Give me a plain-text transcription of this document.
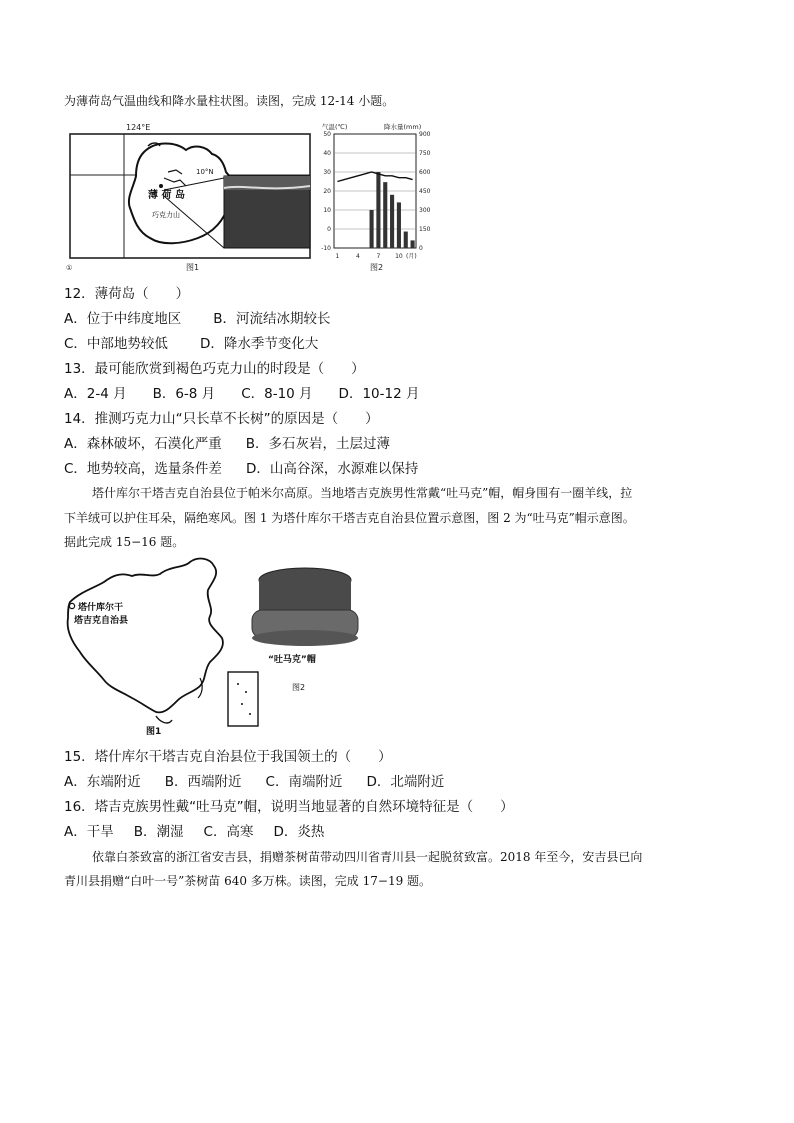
为薄荷岛气温曲线和降水量柱状图。读图，完成 12-14 小题。
124°E
10°N
薄 荷 岛
巧克力山
图1
①
气温(℃)	降水量(mm)
50
40
30
20
10
0
-10
900
750
600
450
300
150
0
1	4	7 10 (月)
图2
12．薄荷岛（　　）
A．位于中纬度地区 B．河流结冰期较长
C．中部地势较低 D．降水季节变化大
13．最可能欣赏到褐色巧克力山的时段是（　　）
A．2-4 月 B．6-8 月 C．8-10 月 D．10-12 月
14．推测巧克力山“只长草不长树”的原因是（　　）
A．森林破坏，石漠化严重 B．多石灰岩，土层过薄
C．地势较高，选量条件差 D．山高谷深，水源难以保持
塔什库尔干塔吉克自治县位于帕米尔高原。当地塔吉克族男性常戴“吐马克”帽，帽身围有一圈羊线，拉
下羊绒可以护住耳朵，隔绝寒风。图 1 为塔什库尔干塔吉克自治县位置示意图，图 2 为“吐马克”帽示意图。
据此完成 15−16 题。
塔什库尔干
塔吉克自治县
图1
“吐马克”帽
图2
15．塔什库尔干塔吉克自治县位于我国领土的（　　）
A．东端附近 B．西端附近 C．南端附近 D．北端附近
16．塔吉克族男性戴“吐马克”帽，说明当地显著的自然环境特征是（　　）
A．干旱 B．潮湿 C．高寒 D．炎热
依靠白茶致富的浙江省安吉县，捐赠茶树苗带动四川省青川县一起脱贫致富。2018 年至今，安吉县已向
青川县捐赠“白叶一号”茶树苗 640 多万株。读图，完成 17−19 题。
